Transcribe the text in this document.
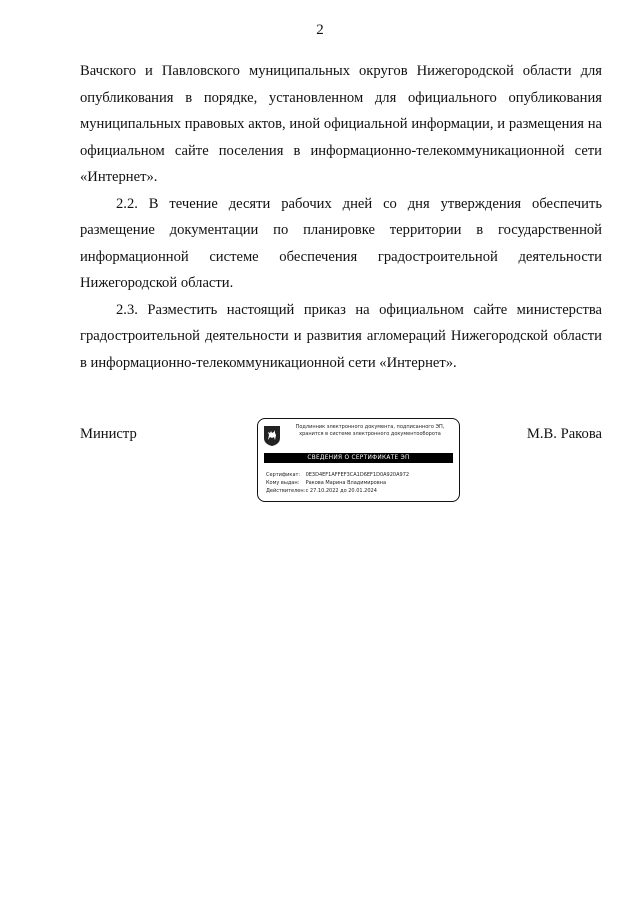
2

Вачского и Павловского муниципальных округов Нижегородской области для опубликования в порядке, установленном для официального опубликования муниципальных правовых актов, иной официальной информации, и размещения на официальном сайте поселения в информационно-телекоммуникационной сети «Интернет».

2.2. В течение десяти рабочих дней со дня утверждения обеспечить размещение документации по планировке территории в государственной информационной системе обеспечения градостроительной деятельности Нижегородской области.

2.3. Разместить настоящий приказ на официальном сайте министерства градостроительной деятельности и развития агломераций Нижегородской области в информационно-телекоммуникационной сети «Интернет».

Министр	Подлинник электронного документа, подписанного ЭП, хранится в системе электронного документооборота
СВЕДЕНИЯ О СЕРТИФИКАТЕ ЭП
Сертификат: 0E3D4EF1AFFEF3CA1D6EF1D0A920A972
Кому выдан: Ракова Марина Владимировна
Действителен: с 27.10.2022 до 20.01.2024
М.В. Ракова
